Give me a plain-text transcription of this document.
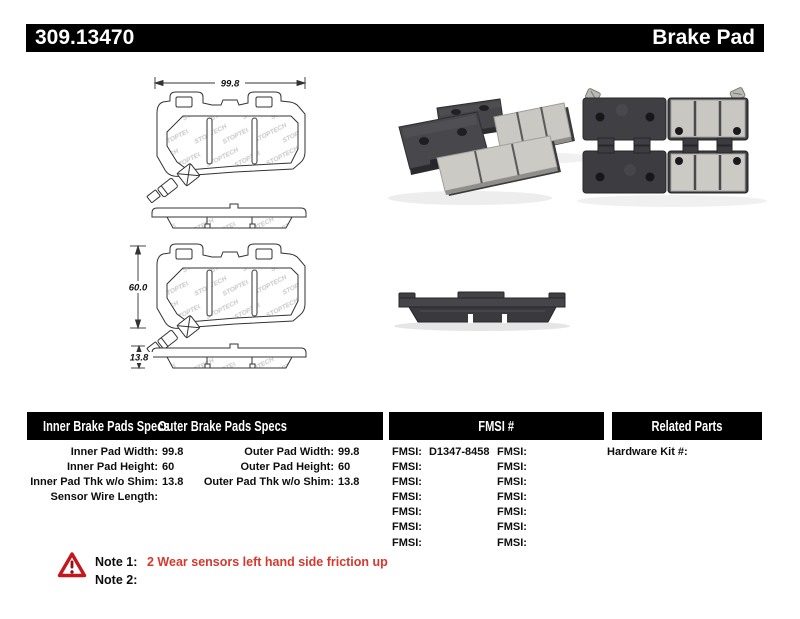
309.13470	Brake Pad
99.8
60.0
13.8
Inner Brake Pads Specs
Outer Brake Pads Specs	FMSI #	Related Parts
Inner Pad Width: 99.8
Inner Pad Height: 60
Inner Pad Thk w/o Shim: 13.8
Sensor Wire Length:
Outer Pad Width: 99.8
Outer Pad Height: 60
Outer Pad Thk w/o Shim: 13.8
FMSI: D1347-8458
FMSI:
FMSI:
FMSI:
FMSI:
FMSI:
FMSI:
FMSI:
FMSI:
FMSI:
FMSI:
FMSI:
FMSI:
FMSI:
Hardware Kit #:
Note 1: 2 Wear sensors left hand side friction up
Note 2:
